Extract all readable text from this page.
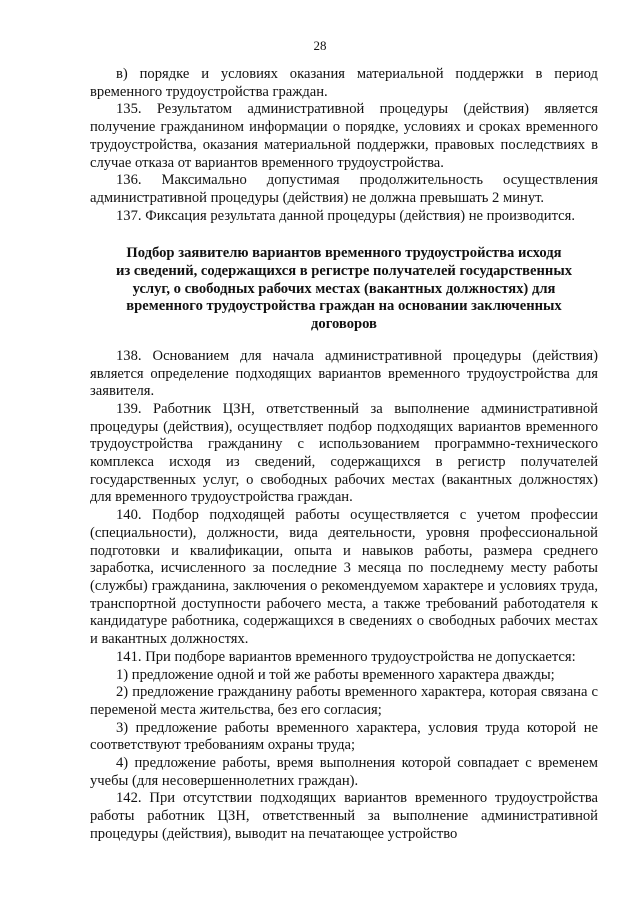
28

в) порядке и условиях оказания материальной поддержки в период временного трудоустройства граждан.

135. Результатом административной процедуры (действия) является получение гражданином информации о порядке, условиях и сроках временного трудоустройства, оказания материальной поддержки, правовых последствиях в случае отказа от вариантов временного трудоустройства.

136. Максимально допустимая продолжительность осуществления административной процедуры (действия) не должна превышать 2 минут.

137. Фиксация результата данной процедуры (действия) не производится.

Подбор заявителю вариантов временного трудоустройства исходя
из сведений, содержащихся в регистре получателей государственных
услуг, о свободных рабочих местах (вакантных должностях) для
временного трудоустройства граждан на основании заключенных
договоров

138. Основанием для начала административной процедуры (действия) является определение подходящих вариантов временного трудоустройства для заявителя.

139. Работник ЦЗН, ответственный за выполнение административной процедуры (действия), осуществляет подбор подходящих вариантов временного трудоустройства гражданину с использованием программно-технического комплекса исходя из сведений, содержащихся в регистр получателей государственных услуг, о свободных рабочих местах (вакантных должностях) для временного трудоустройства граждан.

140. Подбор подходящей работы осуществляется с учетом профессии (специальности), должности, вида деятельности, уровня профессиональной подготовки и квалификации, опыта и навыков работы, размера среднего заработка, исчисленного за последние 3 месяца по последнему месту работы (службы) гражданина, заключения о рекомендуемом характере и условиях труда, транспортной доступности рабочего места, а также требований работодателя к кандидатуре работника, содержащихся в сведениях о свободных рабочих местах и вакантных должностях.

141. При подборе вариантов временного трудоустройства не допускается:

1) предложение одной и той же работы временного характера дважды;

2) предложение гражданину работы временного характера, которая связана с переменой места жительства, без его согласия;

3) предложение работы временного характера, условия труда которой не соответствуют требованиям охраны труда;

4) предложение работы, время выполнения которой совпадает с временем учебы (для несовершеннолетних граждан).

142. При отсутствии подходящих вариантов временного трудоустройства работы работник ЦЗН, ответственный за выполнение административной процедуры (действия), выводит на печатающее устройство
